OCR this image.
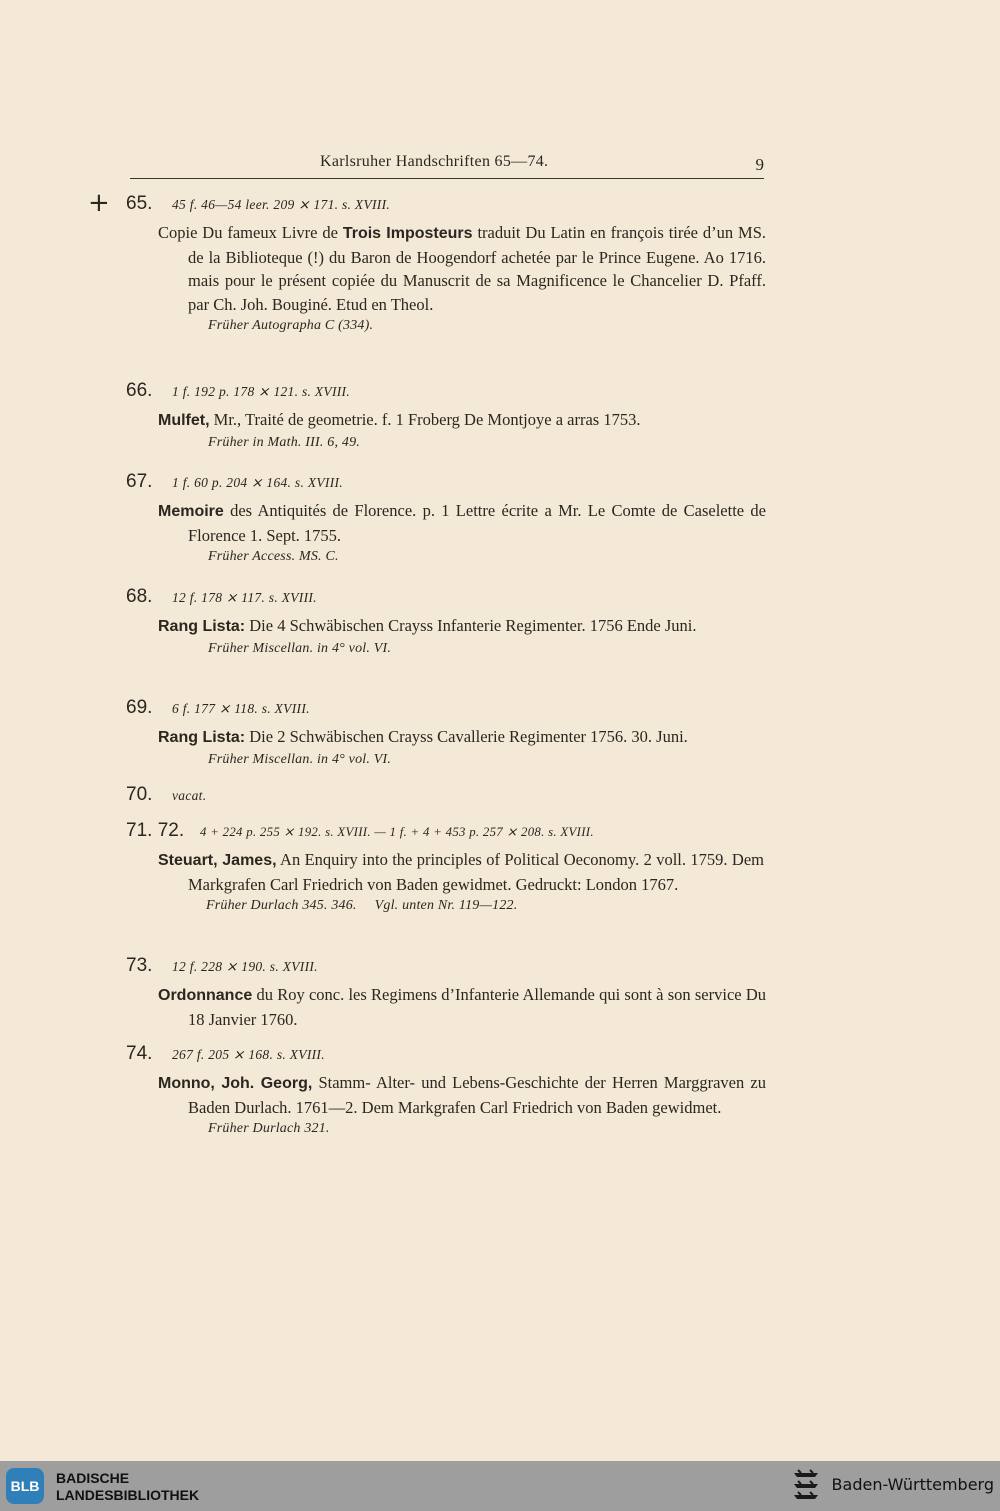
Karlsruher Handschriften 65—74.	9
+ 65.	45 f. 46—54 leer. 209 ⨯ 171. s. XVIII.
Copie Du fameux Livre de Trois Imposteurs traduit Du Latin en françois tirée d’un MS. de la Biblioteque (!) du Baron de Hoogendorf achetée par le Prince Eugene. Ao 1716. mais pour le présent copiée du Manuscrit de sa Magnificence le Chancelier D. Pfaff. par Ch. Joh. Bouginé. Etud en Theol.
Früher Autographa C (334).
66.	1 f. 192 p. 178 ⨯ 121. s. XVIII.
Mulfet, Mr., Traité de geometrie. f. 1 Froberg De Montjoye a arras 1753.
Früher in Math. III. 6, 49.
67.	1 f. 60 p. 204 ⨯ 164. s. XVIII.
Memoire des Antiquités de Florence. p. 1 Lettre écrite a Mr. Le Comte de Caselette de Florence 1. Sept. 1755.
Früher Access. MS. C.
68.	12 f. 178 ⨯ 117. s. XVIII.
Rang Lista: Die 4 Schwäbischen Crayss Infanterie Regimenter. 1756 Ende Juni.
Früher Miscellan. in 4° vol. VI.
69.	6 f. 177 ⨯ 118. s. XVIII.
Rang Lista: Die 2 Schwäbischen Crayss Cavallerie Regimenter 1756. 30. Juni.
Früher Miscellan. in 4° vol. VI.
70.	vacat.
71. 72.	4 + 224 p. 255 ⨯ 192. s. XVIII. — 1 f. + 4 + 453 p. 257 ⨯ 208. s. XVIII.
Steuart, James, An Enquiry into the principles of Political Oeconomy. 2 voll. 1759. Dem Markgrafen Carl Friedrich von Baden gewidmet. Gedruckt: London 1767.
Früher Durlach 345. 346. Vgl. unten Nr. 119—122.
73.	12 f. 228 ⨯ 190. s. XVIII.
Ordonnance du Roy conc. les Regimens d’Infanterie Allemande qui sont à son service Du 18 Janvier 1760.
74.	267 f. 205 ⨯ 168. s. XVIII.
Monno, Joh. Georg, Stamm- Alter- und Lebens-Geschichte der Herren Marggraven zu Baden Durlach. 1761—2. Dem Markgrafen Carl Friedrich von Baden gewidmet.
Früher Durlach 321.
BLB	BADISCHE
LANDESBIBLIOTHEK
Baden-Württemberg
